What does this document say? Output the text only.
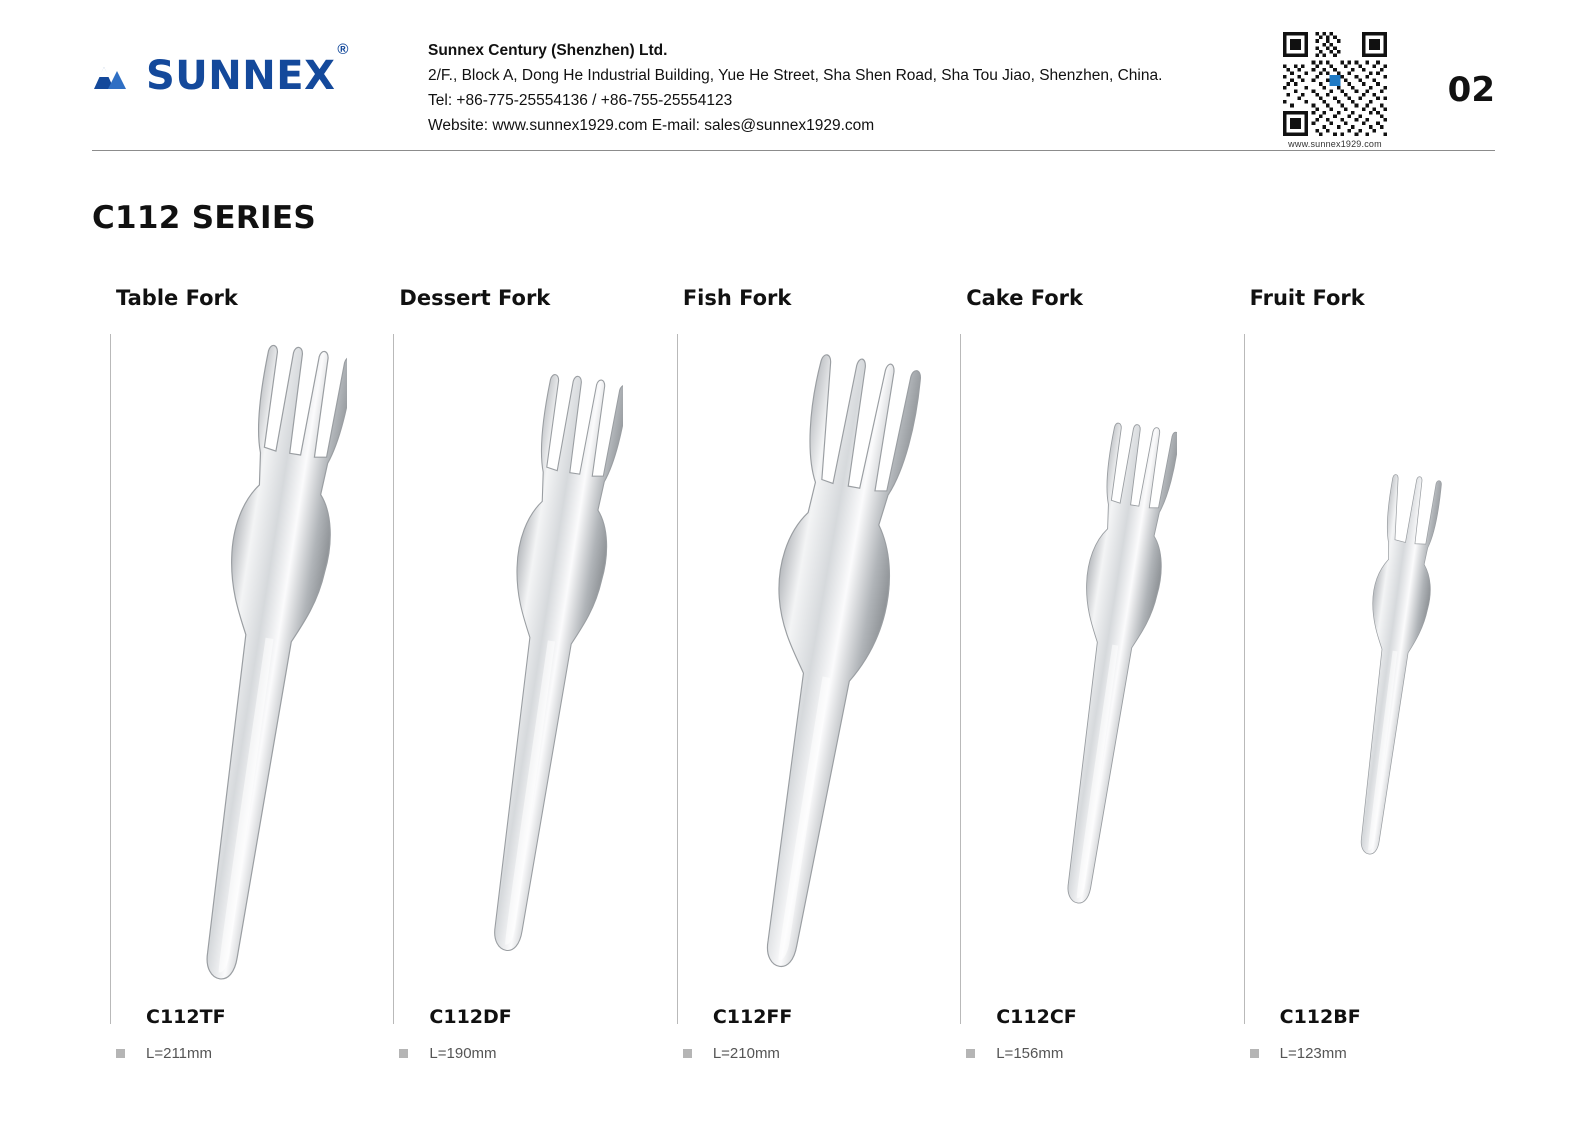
SUNNEX®	Sunnex Century (Shenzhen) Ltd.
2/F., Block A, Dong He Industrial Building, Yue He Street, Sha Shen Road, Sha Tou Jiao, Shenzhen, China.
Tel: +86-775-25554136 / +86-755-25554123
Website: www.sunnex1929.com E-mail: sales@sunnex1929.com
www.sunnex1929.com
02
C112 SERIES
Table Fork
C112TF
L=211mm
Dessert Fork
C112DF
L=190mm
Fish Fork
C112FF
L=210mm
Cake Fork
C112CF
L=156mm
Fruit Fork
C112BF
L=123mm
